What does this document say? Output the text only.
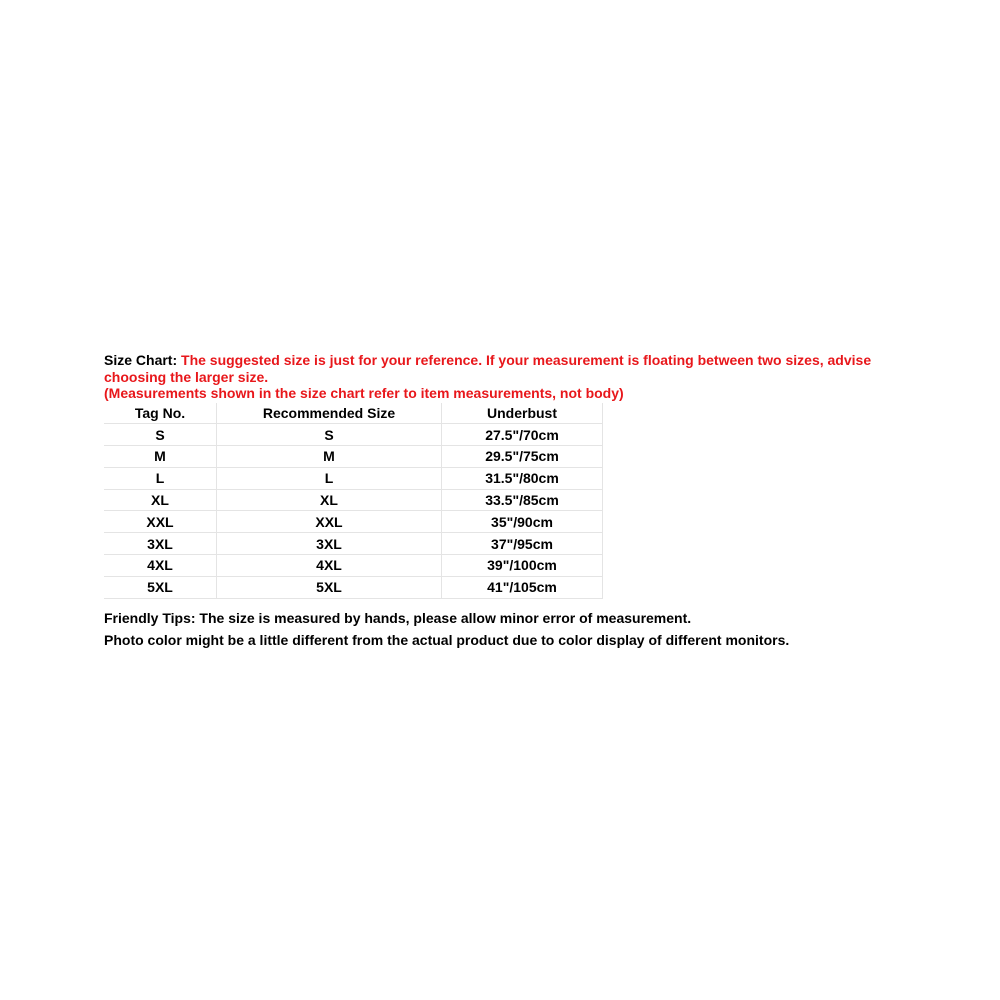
Size Chart: The suggested size is just for your reference. If your measurement is floating between two sizes, advise choosing the larger size.
(Measurements shown in the size chart refer to item measurements, not body)
Tag No.	Recommended Size	Underbust
S	S	27.5"/70cm
M	M	29.5"/75cm
L	L	31.5"/80cm
XL	XL	33.5"/85cm
XXL	XXL	35"/90cm
3XL	3XL	37"/95cm
4XL	4XL	39"/100cm
5XL	5XL	41"/105cm
Friendly Tips: The size is measured by hands, please allow minor error of measurement.
Photo color might be a little different from the actual product due to color display of different monitors.
